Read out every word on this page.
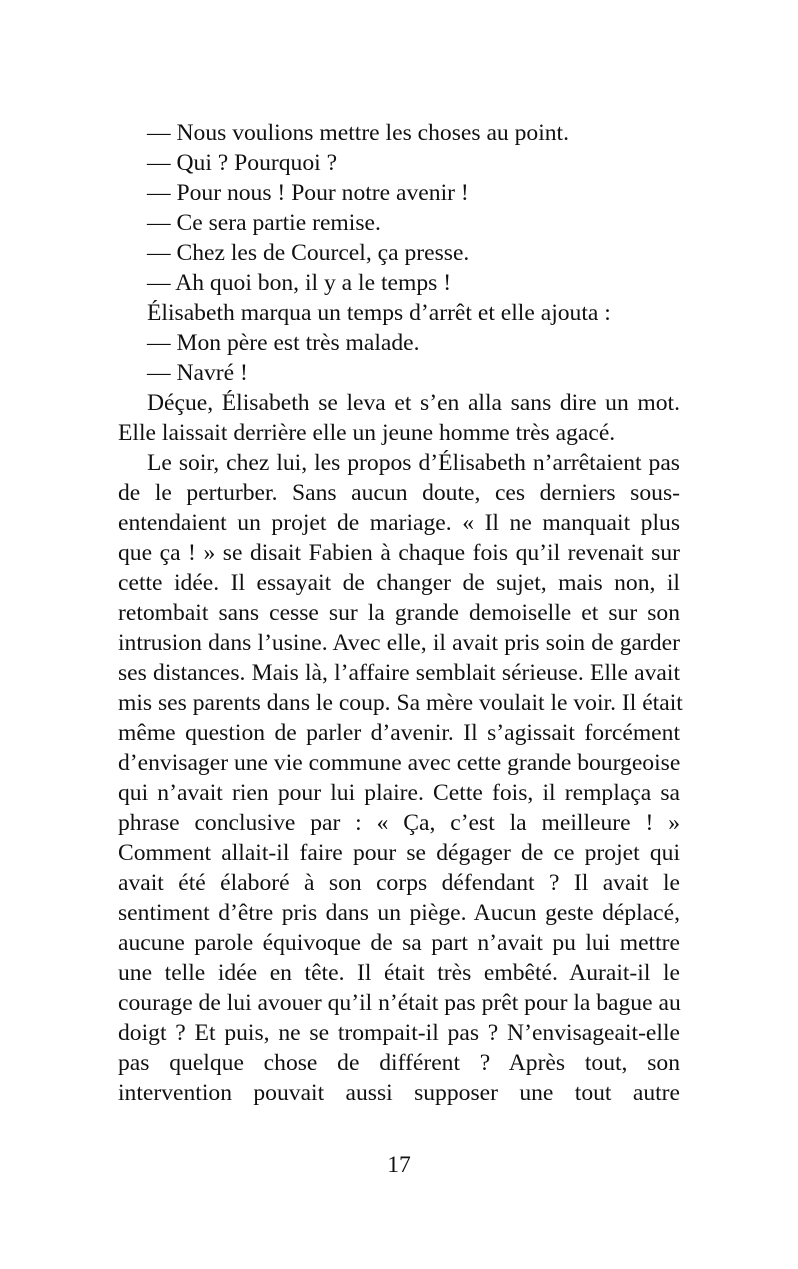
— Nous voulions mettre les choses au point.
— Qui ? Pourquoi ?
— Pour nous ! Pour notre avenir !
— Ce sera partie remise.
— Chez les de Courcel, ça presse.
— Ah quoi bon, il y a le temps !
Élisabeth marqua un temps d’arrêt et elle ajouta :
— Mon père est très malade.
— Navré !
Déçue, Élisabeth se leva et s’en alla sans dire un mot.
Elle laissait derrière elle un jeune homme très agacé.
Le soir, chez lui, les propos d’Élisabeth n’arrêtaient pas
de le perturber. Sans aucun doute, ces derniers sous-
entendaient un projet de mariage. « Il ne manquait plus
que ça ! » se disait Fabien à chaque fois qu’il revenait sur
cette idée. Il essayait de changer de sujet, mais non, il
retombait sans cesse sur la grande demoiselle et sur son
intrusion dans l’usine. Avec elle, il avait pris soin de garder
ses distances. Mais là, l’affaire semblait sérieuse. Elle avait
mis ses parents dans le coup. Sa mère voulait le voir. Il était
même question de parler d’avenir. Il s’agissait forcément
d’envisager une vie commune avec cette grande bourgeoise
qui n’avait rien pour lui plaire. Cette fois, il remplaça sa
phrase conclusive par : « Ça, c’est la meilleure ! »
Comment allait-il faire pour se dégager de ce projet qui
avait été élaboré à son corps défendant ? Il avait le
sentiment d’être pris dans un piège. Aucun geste déplacé,
aucune parole équivoque de sa part n’avait pu lui mettre
une telle idée en tête. Il était très embêté. Aurait-il le
courage de lui avouer qu’il n’était pas prêt pour la bague au
doigt ? Et puis, ne se trompait-il pas ? N’envisageait-elle
pas quelque chose de différent ? Après tout, son
intervention pouvait aussi supposer une tout autre
17
